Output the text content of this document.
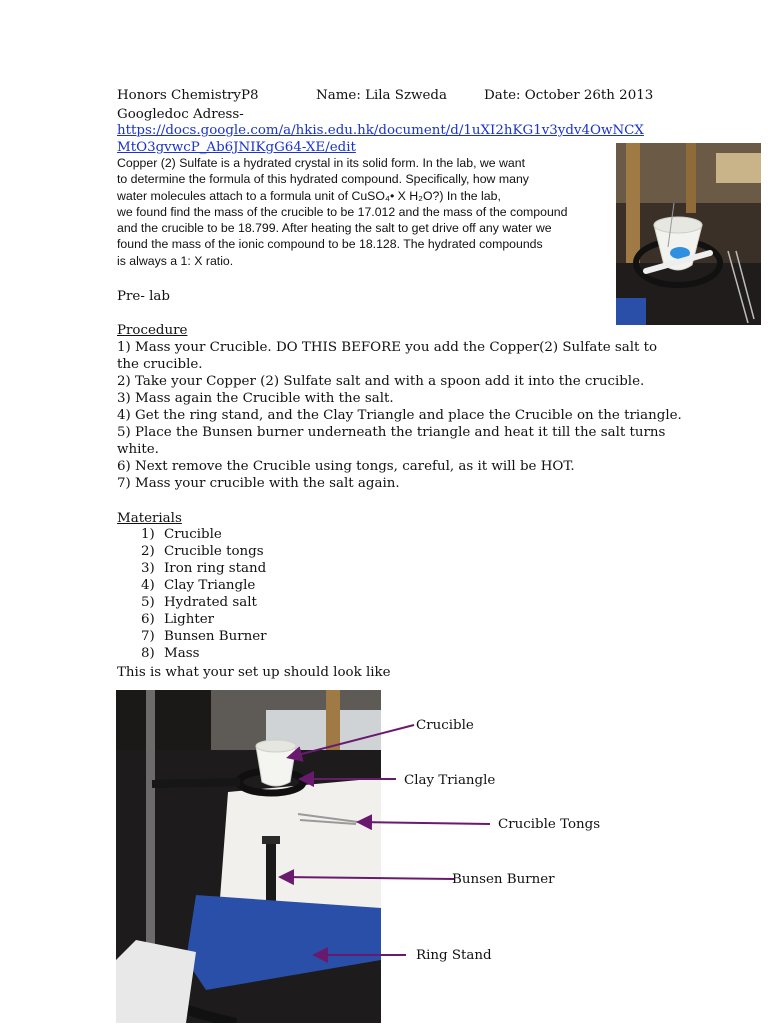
Honors ChemistryP8	Name: Lila Szweda	Date: October 26th 2013
Googledoc Adress-
https://docs.google.com/a/hkis.edu.hk/document/d/1uXI2hKG1v3ydv4OwNCX
MtO3gvwcP_Ab6JNIKgG64-XE/edit
Copper (2) Sulfate is a hydrated crystal in its solid form. In the lab, we want
to determine the formula of this hydrated compound. Specifically, how many
water molecules attach to a formula unit of CuSO₄• X H₂O?) In the lab,
we found find the mass of the crucible to be 17.012 and the mass of the compound
and the crucible to be 18.799. After heating the salt to get drive off any water we
found the mass of the ionic compound to be 18.128. The hydrated compounds
is always a 1: X ratio.
Pre- lab
Procedure
1) Mass your Crucible. DO THIS BEFORE you add the Copper(2) Sulfate salt to
the crucible.
2) Take your Copper (2) Sulfate salt and with a spoon add it into the crucible.
3) Mass again the Crucible with the salt.
4) Get the ring stand, and the Clay Triangle and place the Crucible on the triangle.
5) Place the Bunsen burner underneath the triangle and heat it till the salt turns
white.
6) Next remove the Crucible using tongs, careful, as it will be HOT.
7) Mass your crucible with the salt again.
Materials
1) Crucible
2) Crucible tongs
3) Iron ring stand
4) Clay Triangle
5) Hydrated salt
6) Lighter
7) Bunsen Burner
8) Mass
This is what your set up should look like
Crucible
Clay Triangle
Crucible Tongs
Bunsen Burner
Ring Stand
